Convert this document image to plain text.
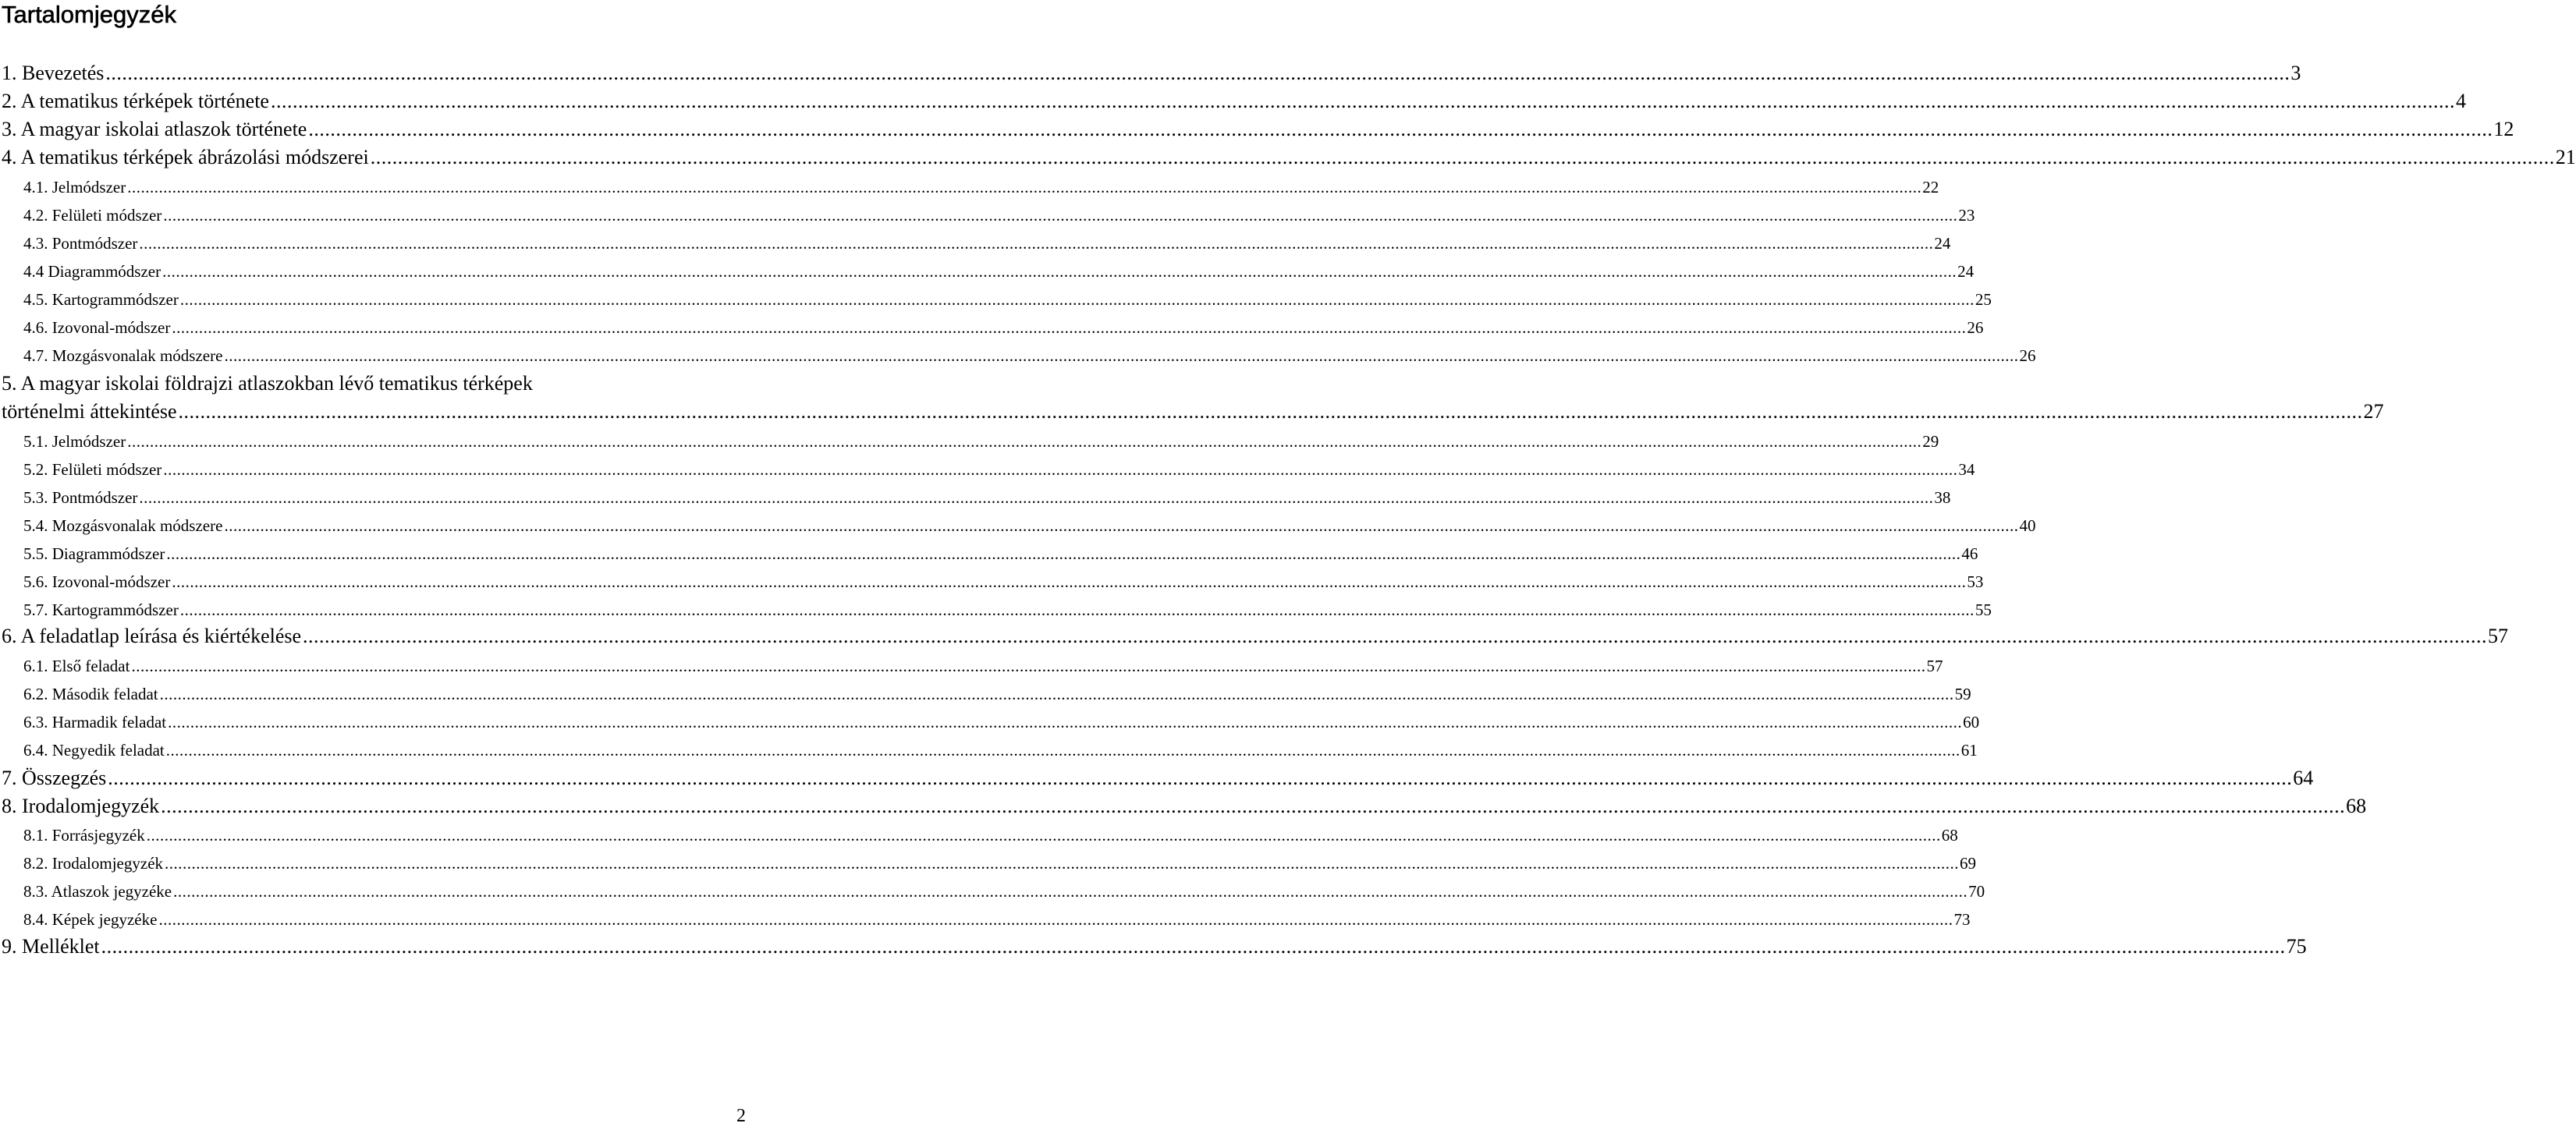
Tartalomjegyzék
1. Bevezetés ................................................................................................................................................................................................................................................................................................................................................................................................................ 3
2. A tematikus térképek története ................................................................................................................................................................................................................................................................................................................................................................................................................ 4
3. A magyar iskolai atlaszok története ................................................................................................................................................................................................................................................................................................................................................................................................................ 12
4. A tematikus térképek ábrázolási módszerei ................................................................................................................................................................................................................................................................................................................................................................................................................ 21
4.1. Jelmódszer ................................................................................................................................................................................................................................................................................................................................................................................................................ 22
4.2. Felületi módszer ................................................................................................................................................................................................................................................................................................................................................................................................................ 23
4.3. Pontmódszer ................................................................................................................................................................................................................................................................................................................................................................................................................ 24
4.4 Diagrammódszer ................................................................................................................................................................................................................................................................................................................................................................................................................ 24
4.5. Kartogrammódszer ................................................................................................................................................................................................................................................................................................................................................................................................................ 25
4.6. Izovonal-módszer ................................................................................................................................................................................................................................................................................................................................................................................................................ 26
4.7. Mozgásvonalak módszere ................................................................................................................................................................................................................................................................................................................................................................................................................ 26
5. A magyar iskolai földrajzi atlaszokban lévő tematikus térképek
történelmi áttekintése ................................................................................................................................................................................................................................................................................................................................................................................................................ 27
5.1. Jelmódszer ................................................................................................................................................................................................................................................................................................................................................................................................................ 29
5.2. Felületi módszer ................................................................................................................................................................................................................................................................................................................................................................................................................ 34
5.3. Pontmódszer ................................................................................................................................................................................................................................................................................................................................................................................................................ 38
5.4. Mozgásvonalak módszere ................................................................................................................................................................................................................................................................................................................................................................................................................ 40
5.5. Diagrammódszer ................................................................................................................................................................................................................................................................................................................................................................................................................ 46
5.6. Izovonal-módszer ................................................................................................................................................................................................................................................................................................................................................................................................................ 53
5.7. Kartogrammódszer ................................................................................................................................................................................................................................................................................................................................................................................................................ 55
6. A feladatlap leírása és kiértékelése ................................................................................................................................................................................................................................................................................................................................................................................................................ 57
6.1. Első feladat ................................................................................................................................................................................................................................................................................................................................................................................................................ 57
6.2. Második feladat ................................................................................................................................................................................................................................................................................................................................................................................................................ 59
6.3. Harmadik feladat ................................................................................................................................................................................................................................................................................................................................................................................................................ 60
6.4. Negyedik feladat ................................................................................................................................................................................................................................................................................................................................................................................................................ 61
7. Összegzés ................................................................................................................................................................................................................................................................................................................................................................................................................ 64
8. Irodalomjegyzék ................................................................................................................................................................................................................................................................................................................................................................................................................ 68
8.1. Forrásjegyzék ................................................................................................................................................................................................................................................................................................................................................................................................................ 68
8.2. Irodalomjegyzék ................................................................................................................................................................................................................................................................................................................................................................................................................ 69
8.3. Atlaszok jegyzéke ................................................................................................................................................................................................................................................................................................................................................................................................................ 70
8.4. Képek jegyzéke ................................................................................................................................................................................................................................................................................................................................................................................................................ 73
9. Melléklet ................................................................................................................................................................................................................................................................................................................................................................................................................ 75
2
